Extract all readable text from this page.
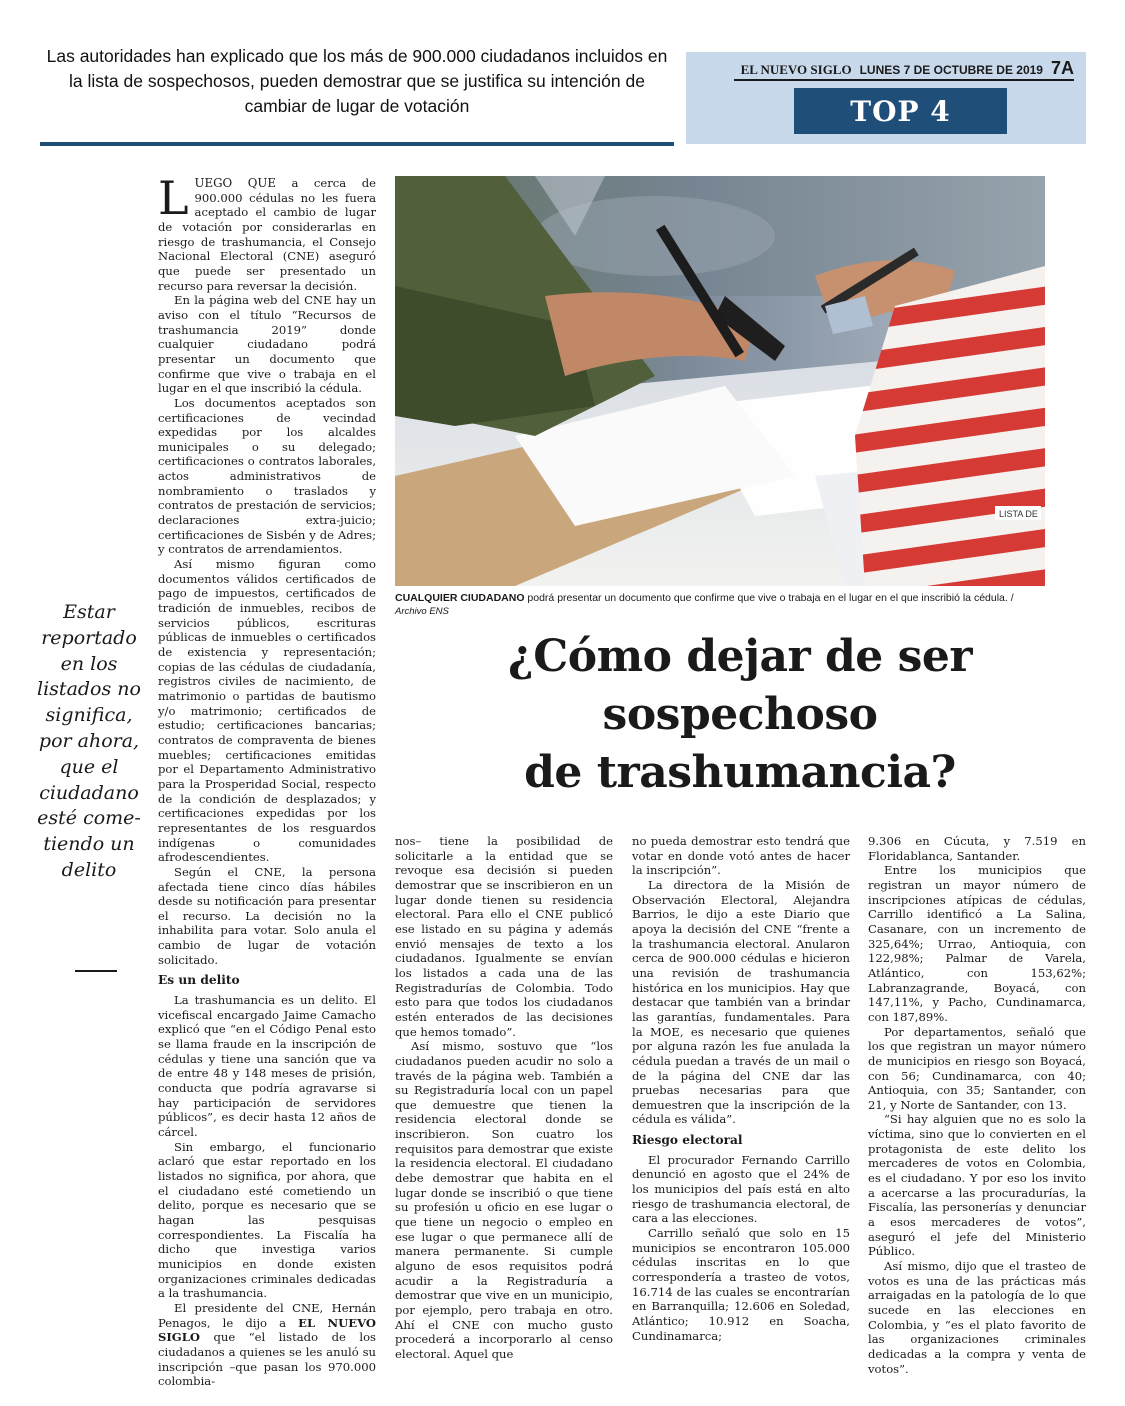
Las autoridades han explicado que los más de 900.000 ciudadanos incluidos en la lista de sospechosos, pueden demostrar que se justifica su intención de cambiar de lugar de votación
EL NUEVO SIGLO LUNES 7 DE OCTUBRE DE 2019 7A
TOP 4

LUEGO QUE a cerca de 900.000 cédulas no les fuera aceptado el cambio de lugar de votación por considerarlas en riesgo de trashumancia, el Consejo Nacional Electoral (CNE) aseguró que puede ser presentado un recurso para reversar la decisión.

En la página web del CNE hay un aviso con el título “Recursos de trashumancia 2019” donde cualquier ciudadano podrá presentar un documento que confirme que vive o trabaja en el lugar en el que inscribió la cédula.

Los documentos aceptados son certificaciones de vecindad expedidas por los alcaldes municipales o su delegado; certificaciones o contratos laborales, actos administrativos de nombramiento o traslados y contratos de prestación de servicios; declaraciones extra-juicio; certificaciones de Sisbén y de Adres; y contratos de arrendamientos.

Así mismo figuran como documentos válidos certificados de pago de impuestos, certificados de tradición de inmuebles, recibos de servicios públicos, escrituras públicas de inmuebles o certificados de existencia y representación; copias de las cédulas de ciudadanía, registros civiles de nacimiento, de matrimonio o partidas de bautismo y/o matrimonio; certificados de estudio; certificaciones bancarias; contratos de compraventa de bienes muebles; certificaciones emitidas por el Departamento Administrativo para la Prosperidad Social, respecto de la condición de desplazados; y certificaciones expedidas por los representantes de los resguardos indígenas o comunidades afrodescendientes.

Según el CNE, la persona afectada tiene cinco días hábiles desde su notificación para presentar el recurso. La decisión no la inhabilita para votar. Solo anula el cambio de lugar de votación solicitado.

Es un delito

La trashumancia es un delito. El vicefiscal encargado Jaime Camacho explicó que “en el Código Penal esto se llama fraude en la inscripción de cédulas y tiene una sanción que va de entre 48 y 148 meses de prisión, conducta que podría agravarse si hay participación de servidores públicos”, es decir hasta 12 años de cárcel.

Sin embargo, el funcionario aclaró que estar reportado en los listados no significa, por ahora, que el ciudadano esté cometiendo un delito, porque es necesario que se hagan las pesquisas correspondientes. La Fiscalía ha dicho que investiga varios municipios en donde existen organizaciones criminales dedicadas a la trashumancia.

El presidente del CNE, Hernán Penagos, le dijo a EL NUEVO SIGLO que “el listado de los ciudadanos a quienes se les anuló su inscripción –que pasan los 970.000 colombia-

Estar reportado en los listados no significa, por ahora, que el ciudadano esté come-tiendo un delito
LISTA DE
CUALQUIER CIUDADANO podrá presentar un documento que confirme que vive o trabaja en el lugar en el que inscribió la cédula. /
Archivo ENS
¿Cómo dejar de ser
sospechoso
de trashumancia?

nos– tiene la posibilidad de solicitarle a la entidad que se revoque esa decisión si pueden demostrar que se inscribieron en un lugar donde tienen su residencia electoral. Para ello el CNE publicó ese listado en su página y además envió mensajes de texto a los ciudadanos. Igualmente se envían los listados a cada una de las Registradurías de Colombia. Todo esto para que todos los ciudadanos estén enterados de las decisiones que hemos tomado”.

Así mismo, sostuvo que “los ciudadanos pueden acudir no solo a través de la página web. También a su Registraduría local con un papel que demuestre que tienen la residencia electoral donde se inscribieron. Son cuatro los requisitos para demostrar que existe la residencia electoral. El ciudadano debe demostrar que habita en el lugar donde se inscribió o que tiene su profesión u oficio en ese lugar o que tiene un negocio o empleo en ese lugar o que permanece allí de manera permanente. Si cumple alguno de esos requisitos podrá acudir a la Registraduría a demostrar que vive en un municipio, por ejemplo, pero trabaja en otro. Ahí el CNE con mucho gusto procederá a incorporarlo al censo electoral. Aquel que

no pueda demostrar esto tendrá que votar en donde votó antes de hacer la inscripción”.

La directora de la Misión de Observación Electoral, Alejandra Barrios, le dijo a este Diario que apoya la decisión del CNE “frente a la trashumancia electoral. Anularon cerca de 900.000 cédulas e hicieron una revisión de trashumancia histórica en los municipios. Hay que destacar que también van a brindar las garantías, fundamentales. Para la MOE, es necesario que quienes por alguna razón les fue anulada la cédula puedan a través de un mail o de la página del CNE dar las pruebas necesarias para que demuestren que la inscripción de la cédula es válida”.

Riesgo electoral

El procurador Fernando Carrillo denunció en agosto que el 24% de los municipios del país está en alto riesgo de trashumancia electoral, de cara a las elecciones.

Carrillo señaló que solo en 15 municipios se encontraron 105.000 cédulas inscritas en lo que correspondería a trasteo de votos, 16.714 de las cuales se encontrarían en Barranquilla; 12.606 en Soledad, Atlántico; 10.912 en Soacha, Cundinamarca;

9.306 en Cúcuta, y 7.519 en Floridablanca, Santander.

Entre los municipios que registran un mayor número de inscripciones atípicas de cédulas, Carrillo identificó a La Salina, Casanare, con un incremento de 325,64%; Urrao, Antioquia, con 122,98%; Palmar de Varela, Atlántico, con 153,62%; Labranzagrande, Boyacá, con 147,11%, y Pacho, Cundinamarca, con 187,89%.

Por departamentos, señaló que los que registran un mayor número de municipios en riesgo son Boyacá, con 56; Cundinamarca, con 40; Antioquia, con 35; Santander, con 21, y Norte de Santander, con 13.

“Si hay alguien que no es solo la víctima, sino que lo convierten en el protagonista de este delito los mercaderes de votos en Colombia, es el ciudadano. Y por eso los invito a acercarse a las procuradurías, la Fiscalía, las personerías y denunciar a esos mercaderes de votos”, aseguró el jefe del Ministerio Público.

Así mismo, dijo que el trasteo de votos es una de las prácticas más arraigadas en la patología de lo que sucede en las elecciones en Colombia, y “es el plato favorito de las organizaciones criminales dedicadas a la compra y venta de votos”.
